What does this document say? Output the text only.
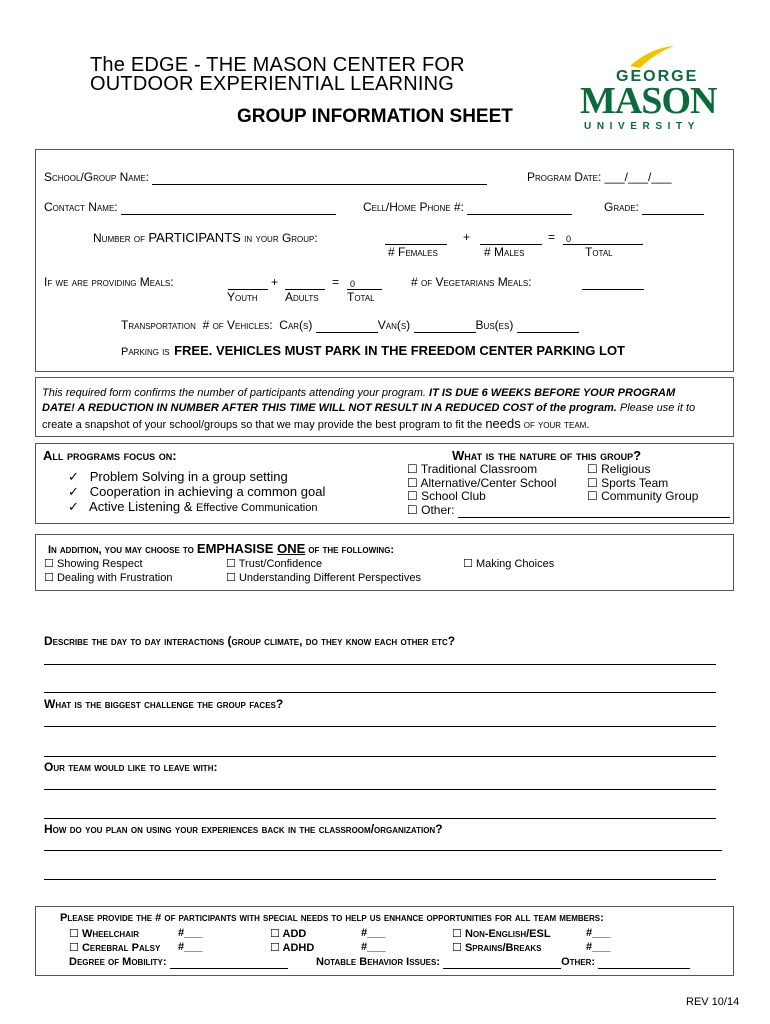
The EDGE - THE MASON CENTER FOR
OUTDOOR EXPERIENTIAL LEARNING
GROUP INFORMATION SHEET
GEORGE
MASON
UNIVERSITY
School/Group Name:	Program Date: ___/___/___
Contact Name:	Cell/Home Phone #:	Grade:
Number of PARTICIPANTS in your Group:	+	=	0
# Females	# Males	Total
If we are providing Meals:	+	=	0
Youth Adults Total
# of Vegetarians Meals:
Transportation # of Vehicles: Car(s)	Van(s)	Bus(es)
Parking is FREE. VEHICLES MUST PARK IN THE FREEDOM CENTER PARKING LOT
This required form confirms the number of participants attending your program. IT IS DUE 6 WEEKS BEFORE YOUR PROGRAM
DATE! A REDUCTION IN NUMBER AFTER THIS TIME WILL NOT RESULT IN A REDUCED COST of the program. Please use it to
create a snapshot of your school/groups so that we may provide the best program to fit the needs of your team.
All programs focus on:
✓ Problem Solving in a group setting
✓ Cooperation in achieving a common goal
✓ Active Listening & Effective Communication
What is the nature of this group?
☐ Traditional Classroom
☐ Alternative/Center School
☐ School Club
☐ Other:
☐ Religious
☐ Sports Team
☐ Community Group
In addition, you may choose to EMPHASISE ONE of the following:
☐ Showing Respect
☐ Dealing with Frustration
☐ Trust/Confidence
☐ Understanding Different Perspectives
☐ Making Choices
Describe the day to day interactions (group climate, do they know each other etc?
What is the biggest challenge the group faces?
Our team would like to leave with:
How do you plan on using your experiences back in the classroom/organization?
Please provide the # of participants with special needs to help us enhance opportunities for all team members:
☐ Wheelchair	#___	☐ ADD	#___	☐ Non-English/ESL	#___
☐ Cerebral Palsy #___	☐ ADHD	#___	☐ Sprains/Breaks	#___
Degree of Mobility:	Notable Behavior Issues:	Other:
REV 10/14
